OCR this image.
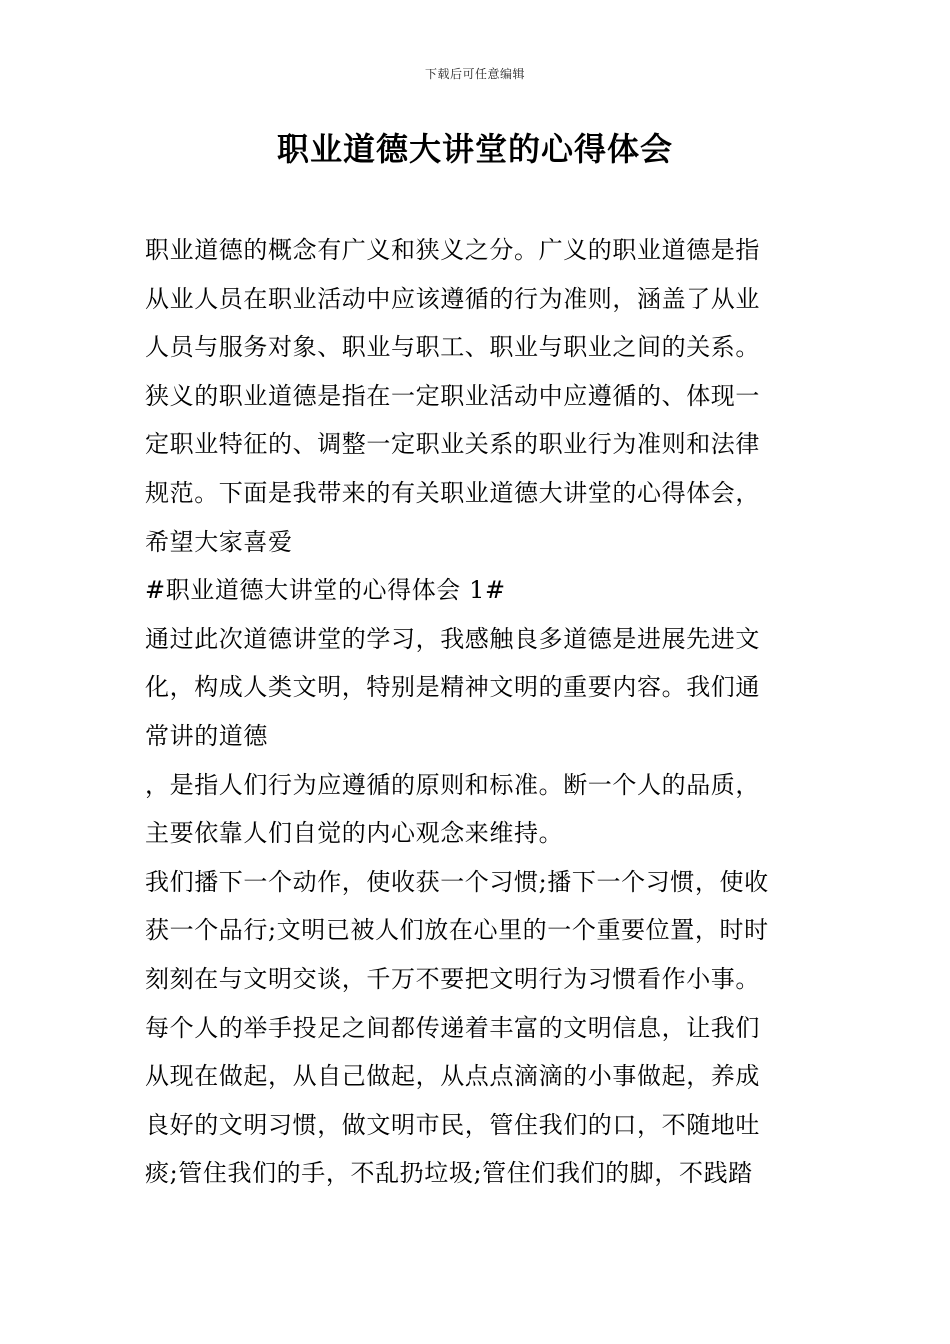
下载后可任意编辑
职业道德大讲堂的心得体会
职业道德的概念有广义和狭义之分。广义的职业道德是指
从业人员在职业活动中应该遵循的行为准则，涵盖了从业
人员与服务对象、职业与职工、职业与职业之间的关系。
狭义的职业道德是指在一定职业活动中应遵循的、体现一
定职业特征的、调整一定职业关系的职业行为准则和法律
规范。下面是我带来的有关职业道德大讲堂的心得体会，
希望大家喜爱
#职业道德大讲堂的心得体会 1#
通过此次道德讲堂的学习，我感触良多道德是进展先进文
化，构成人类文明，特别是精神文明的重要内容。我们通
常讲的道德
，是指人们行为应遵循的原则和标准。断一个人的品质，
主要依靠人们自觉的内心观念来维持。
我们播下一个动作，使收获一个习惯;播下一个习惯，使收
获一个品行;文明已被人们放在心里的一个重要位置，时时
刻刻在与文明交谈，千万不要把文明行为习惯看作小事。
每个人的举手投足之间都传递着丰富的文明信息，让我们
从现在做起，从自己做起，从点点滴滴的小事做起，养成
良好的文明习惯，做文明市民，管住我们的口，不随地吐
痰;管住我们的手，不乱扔垃圾;管住们我们的脚，不践踏
